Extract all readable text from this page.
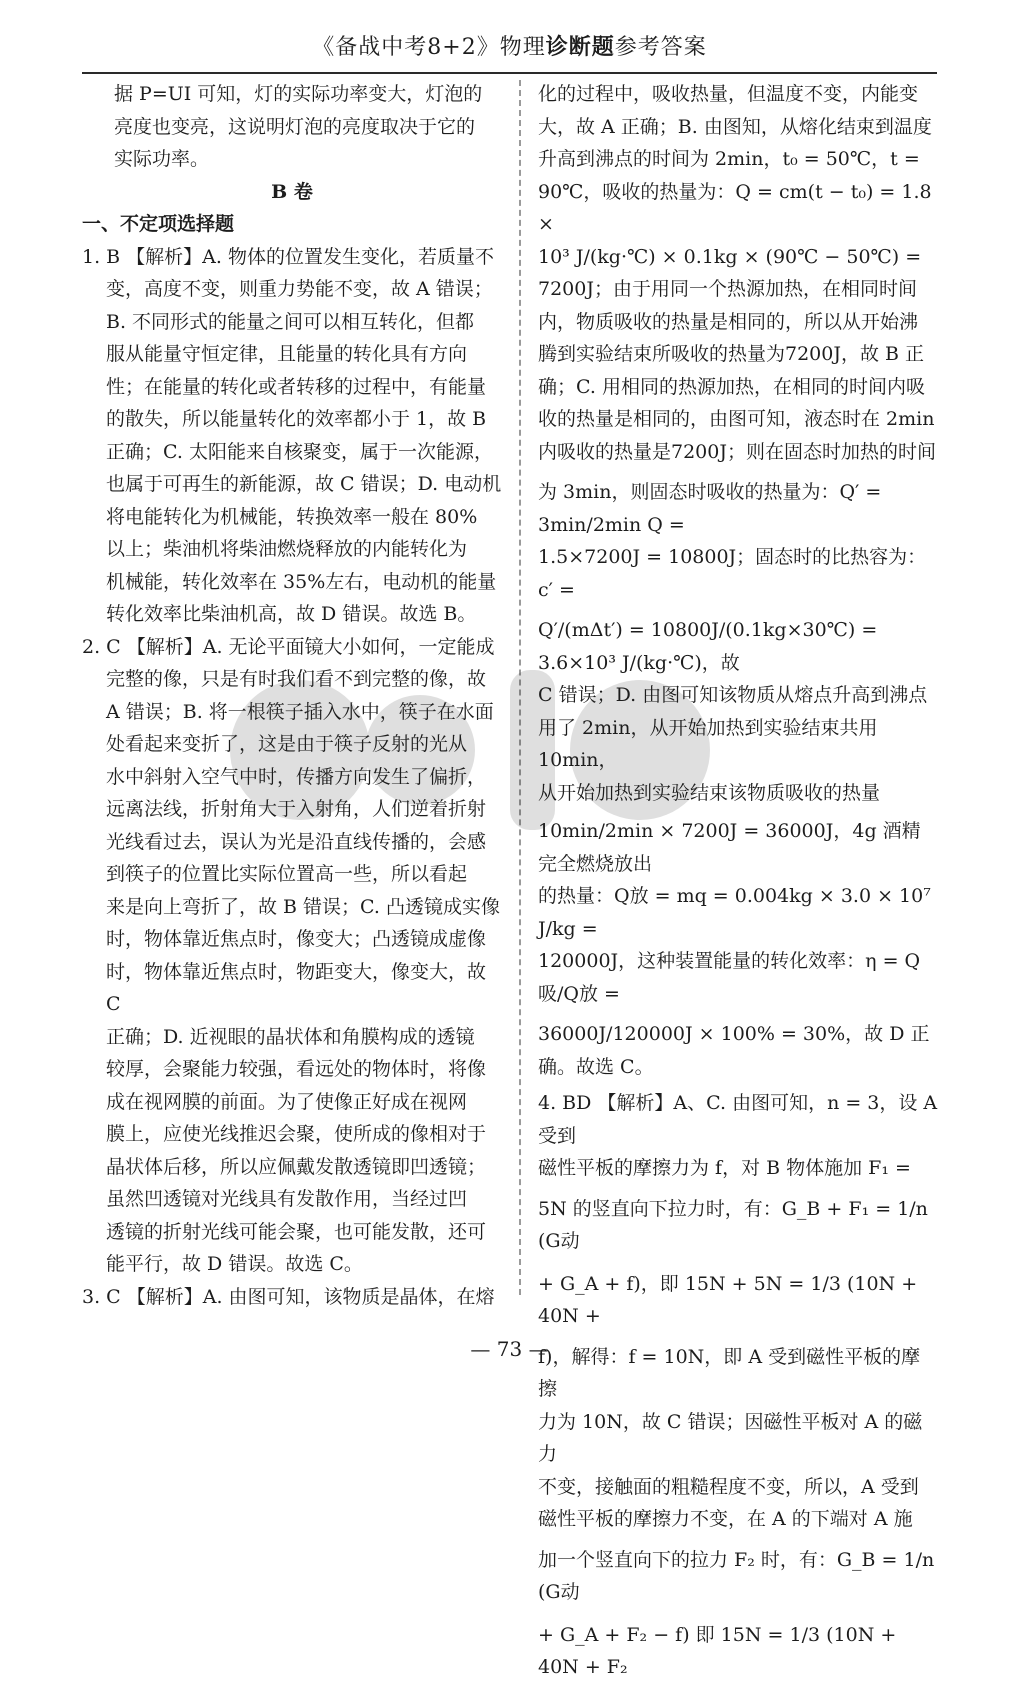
《备战中考8+2》物理诊断题参考答案

据 P=UI 可知，灯的实际功率变大，灯泡的

亮度也变亮，这说明灯泡的亮度取决于它的

实际功率。

B 卷

一、不定项选择题

1. B 【解析】A. 物体的位置发生变化，若质量不

变，高度不变，则重力势能不变，故 A 错误；

B. 不同形式的能量之间可以相互转化，但都

服从能量守恒定律，且能量的转化具有方向

性；在能量的转化或者转移的过程中，有能量

的散失，所以能量转化的效率都小于 1，故 B

正确；C. 太阳能来自核聚变，属于一次能源，

也属于可再生的新能源，故 C 错误；D. 电动机

将电能转化为机械能，转换效率一般在 80%

以上；柴油机将柴油燃烧释放的内能转化为

机械能，转化效率在 35%左右，电动机的能量

转化效率比柴油机高，故 D 错误。故选 B。

2. C 【解析】A. 无论平面镜大小如何，一定能成

完整的像，只是有时我们看不到完整的像，故

A 错误；B. 将一根筷子插入水中，筷子在水面

处看起来变折了，这是由于筷子反射的光从

水中斜射入空气中时，传播方向发生了偏折，

远离法线，折射角大于入射角，人们逆着折射

光线看过去，误认为光是沿直线传播的，会感

到筷子的位置比实际位置高一些，所以看起

来是向上弯折了，故 B 错误；C. 凸透镜成实像

时，物体靠近焦点时，像变大；凸透镜成虚像

时，物体靠近焦点时，物距变大，像变大，故 C

正确；D. 近视眼的晶状体和角膜构成的透镜

较厚，会聚能力较强，看远处的物体时，将像

成在视网膜的前面。为了使像正好成在视网

膜上，应使光线推迟会聚，使所成的像相对于

晶状体后移，所以应佩戴发散透镜即凹透镜；

虽然凹透镜对光线具有发散作用，当经过凹

透镜的折射光线可能会聚，也可能发散，还可

能平行，故 D 错误。故选 C。

3. C 【解析】A. 由图可知，该物质是晶体，在熔

化的过程中，吸收热量，但温度不变，内能变

大，故 A 正确；B. 由图知，从熔化结束到温度

升高到沸点的时间为 2min，t₀ = 50℃，t =

90℃，吸收的热量为：Q = cm(t − t₀) = 1.8 ×

10³ J/(kg·℃) × 0.1kg × (90℃ − 50℃) =

7200J；由于用同一个热源加热，在相同时间

内，物质吸收的热量是相同的，所以从开始沸

腾到实验结束所吸收的热量为7200J，故 B 正

确；C. 用相同的热源加热，在相同的时间内吸

收的热量是相同的，由图可知，液态时在 2min

内吸收的热量是7200J；则在固态时加热的时间

为 3min，则固态时吸收的热量为：Q′ = 3min/2min Q =

1.5×7200J = 10800J；固态时的比热容为：c′ =

Q′/(mΔt′) = 10800J/(0.1kg×30℃) = 3.6×10³ J/(kg·℃)，故

C 错误；D. 由图可知该物质从熔点升高到沸点

用了 2min，从开始加热到实验结束共用 10min，

从开始加热到实验结束该物质吸收的热量

10min/2min × 7200J = 36000J，4g 酒精完全燃烧放出

的热量：Q放 = mq = 0.004kg × 3.0 × 10⁷ J/kg =

120000J，这种装置能量的转化效率：η = Q吸/Q放 =

36000J/120000J × 100% = 30%，故 D 正确。故选 C。

4. BD 【解析】A、C. 由图可知，n = 3，设 A 受到

磁性平板的摩擦力为 f，对 B 物体施加 F₁ =

5N 的竖直向下拉力时，有：G_B + F₁ = 1/n (G动

+ G_A + f)，即 15N + 5N = 1/3 (10N + 40N +

f)，解得：f = 10N，即 A 受到磁性平板的摩擦

力为 10N，故 C 错误；因磁性平板对 A 的磁力

不变，接触面的粗糙程度不变，所以，A 受到

磁性平板的摩擦力不变，在 A 的下端对 A 施

加一个竖直向下的拉力 F₂ 时，有：G_B = 1/n (G动

+ G_A + F₂ − f) 即 15N = 1/3 (10N + 40N + F₂

— 73 —
